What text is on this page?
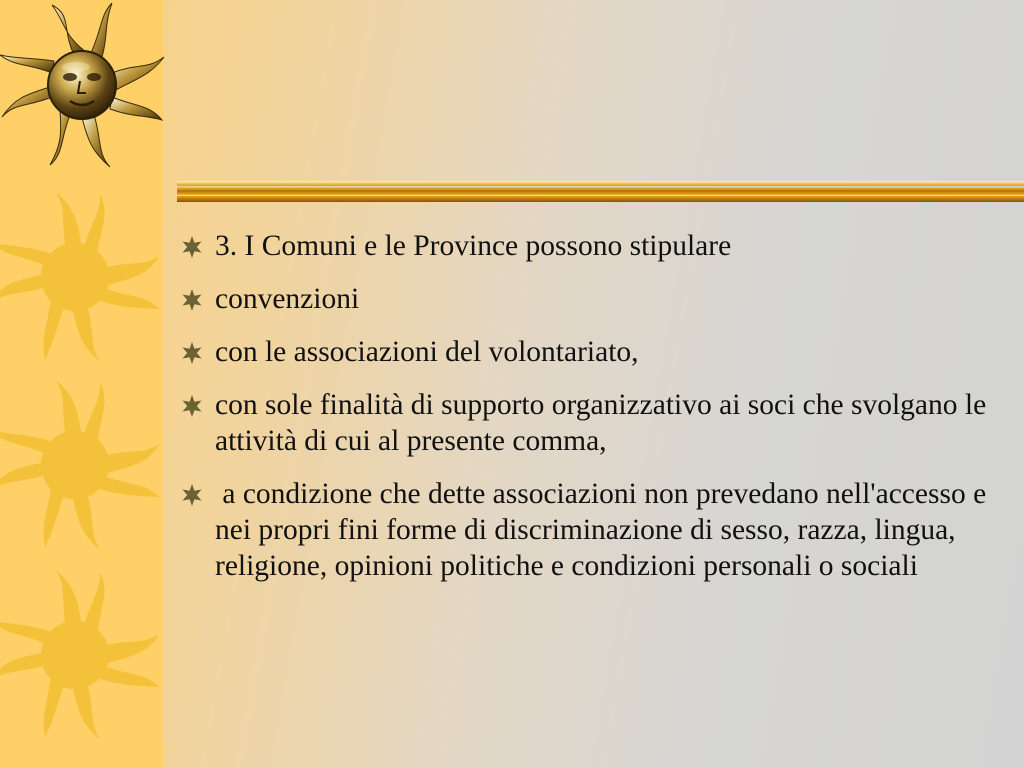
3. I Comuni e le Province possono stipulare
convenzioni
con le associazioni del volontariato,
con sole finalità di supporto organizzativo ai soci che svolgano le attività di cui al presente comma,
a condizione che dette associazioni non prevedano nell'accesso e nei propri fini forme di discriminazione di sesso, razza, lingua, religione, opinioni politiche e condizioni personali o sociali
